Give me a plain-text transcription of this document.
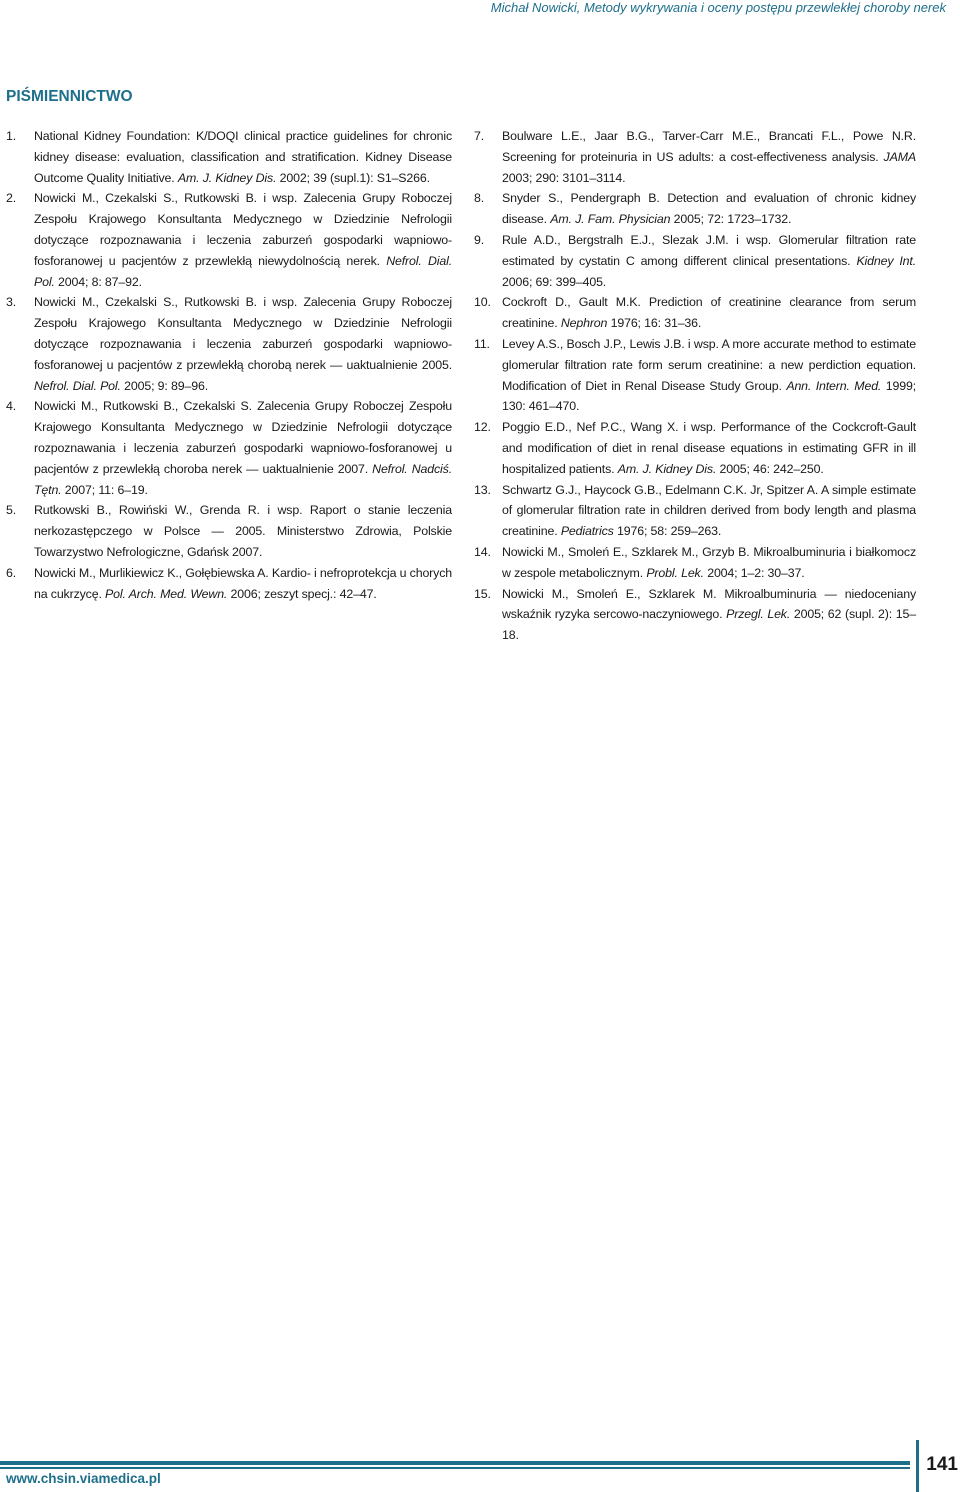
Michał Nowicki, Metody wykrywania i oceny postępu przewlekłej choroby nerek
PIŚMIENNICTWO
1.	National Kidney Foundation: K/DOQI clinical practice guidelines for chronic kidney disease: evaluation, classification and stratification. Kidney Disease Outcome Quality Initiative. Am. J. Kidney Dis. 2002; 39 (supl.1): S1–S266.
2.	Nowicki M., Czekalski S., Rutkowski B. i wsp. Zalecenia Grupy Roboczej Zespołu Krajowego Konsultanta Medycznego w Dziedzinie Nefrologii dotyczące rozpoznawania i leczenia zaburzeń gospodarki wapniowo-fosforanowej u pacjentów z przewlekłą niewydolnością nerek. Nefrol. Dial. Pol. 2004; 8: 87–92.
3.	Nowicki M., Czekalski S., Rutkowski B. i wsp. Zalecenia Grupy Roboczej Zespołu Krajowego Konsultanta Medycznego w Dziedzinie Nefrologii dotyczące rozpoznawania i leczenia zaburzeń gospodarki wapniowo-fosforanowej u pacjentów z przewlekłą chorobą nerek — uaktualnienie 2005. Nefrol. Dial. Pol. 2005; 9: 89–96.
4.	Nowicki M., Rutkowski B., Czekalski S. Zalecenia Grupy Roboczej Zespołu Krajowego Konsultanta Medycznego w Dziedzinie Nefrologii dotyczące rozpoznawania i leczenia zaburzeń gospodarki wapniowo-fosforanowej u pacjentów z przewlekłą choroba nerek — uaktualnienie 2007. Nefrol. Nadciś. Tętn. 2007; 11: 6–19.
5.	Rutkowski B., Rowiński W., Grenda R. i wsp. Raport o stanie leczenia nerkozastępczego w Polsce — 2005. Ministerstwo Zdrowia, Polskie Towarzystwo Nefrologiczne, Gdańsk 2007.
6.	Nowicki M., Murlikiewicz K., Gołębiewska A. Kardio- i nefroprotekcja u chorych na cukrzycę. Pol. Arch. Med. Wewn. 2006; zeszyt specj.: 42–47.
7.	Boulware L.E., Jaar B.G., Tarver-Carr M.E., Brancati F.L., Powe N.R. Screening for proteinuria in US adults: a cost-effectiveness analysis. JAMA 2003; 290: 3101–3114.
8.	Snyder S., Pendergraph B. Detection and evaluation of chronic kidney disease. Am. J. Fam. Physician 2005; 72: 1723–1732.
9.	Rule A.D., Bergstralh E.J., Slezak J.M. i wsp. Glomerular filtration rate estimated by cystatin C among different clinical presentations. Kidney Int. 2006; 69: 399–405.
10. Cockroft D., Gault M.K. Prediction of creatinine clearance from serum creatinine. Nephron 1976; 16: 31–36.
11. Levey A.S., Bosch J.P., Lewis J.B. i wsp. A more accurate method to estimate glomerular filtration rate form serum creatinine: a new perdiction equation. Modification of Diet in Renal Disease Study Group. Ann. Intern. Med. 1999; 130: 461–470.
12. Poggio E.D., Nef P.C., Wang X. i wsp. Performance of the Cockcroft-Gault and modification of diet in renal disease equations in estimating GFR in ill hospitalized patients. Am. J. Kidney Dis. 2005; 46: 242–250.
13. Schwartz G.J., Haycock G.B., Edelmann C.K. Jr, Spitzer A. A simple estimate of glomerular filtration rate in children derived from body length and plasma creatinine. Pediatrics 1976; 58: 259–263.
14. Nowicki M., Smoleń E., Szklarek M., Grzyb B. Mikroalbuminuria i białkomocz w zespole metabolicznym. Probl. Lek. 2004; 1–2: 30–37.
15. Nowicki M., Smoleń E., Szklarek M. Mikroalbuminuria — niedoceniany wskaźnik ryzyka sercowo-naczyniowego. Przegl. Lek. 2005; 62 (supl. 2): 15–18.
www.chsin.viamedica.pl
141
